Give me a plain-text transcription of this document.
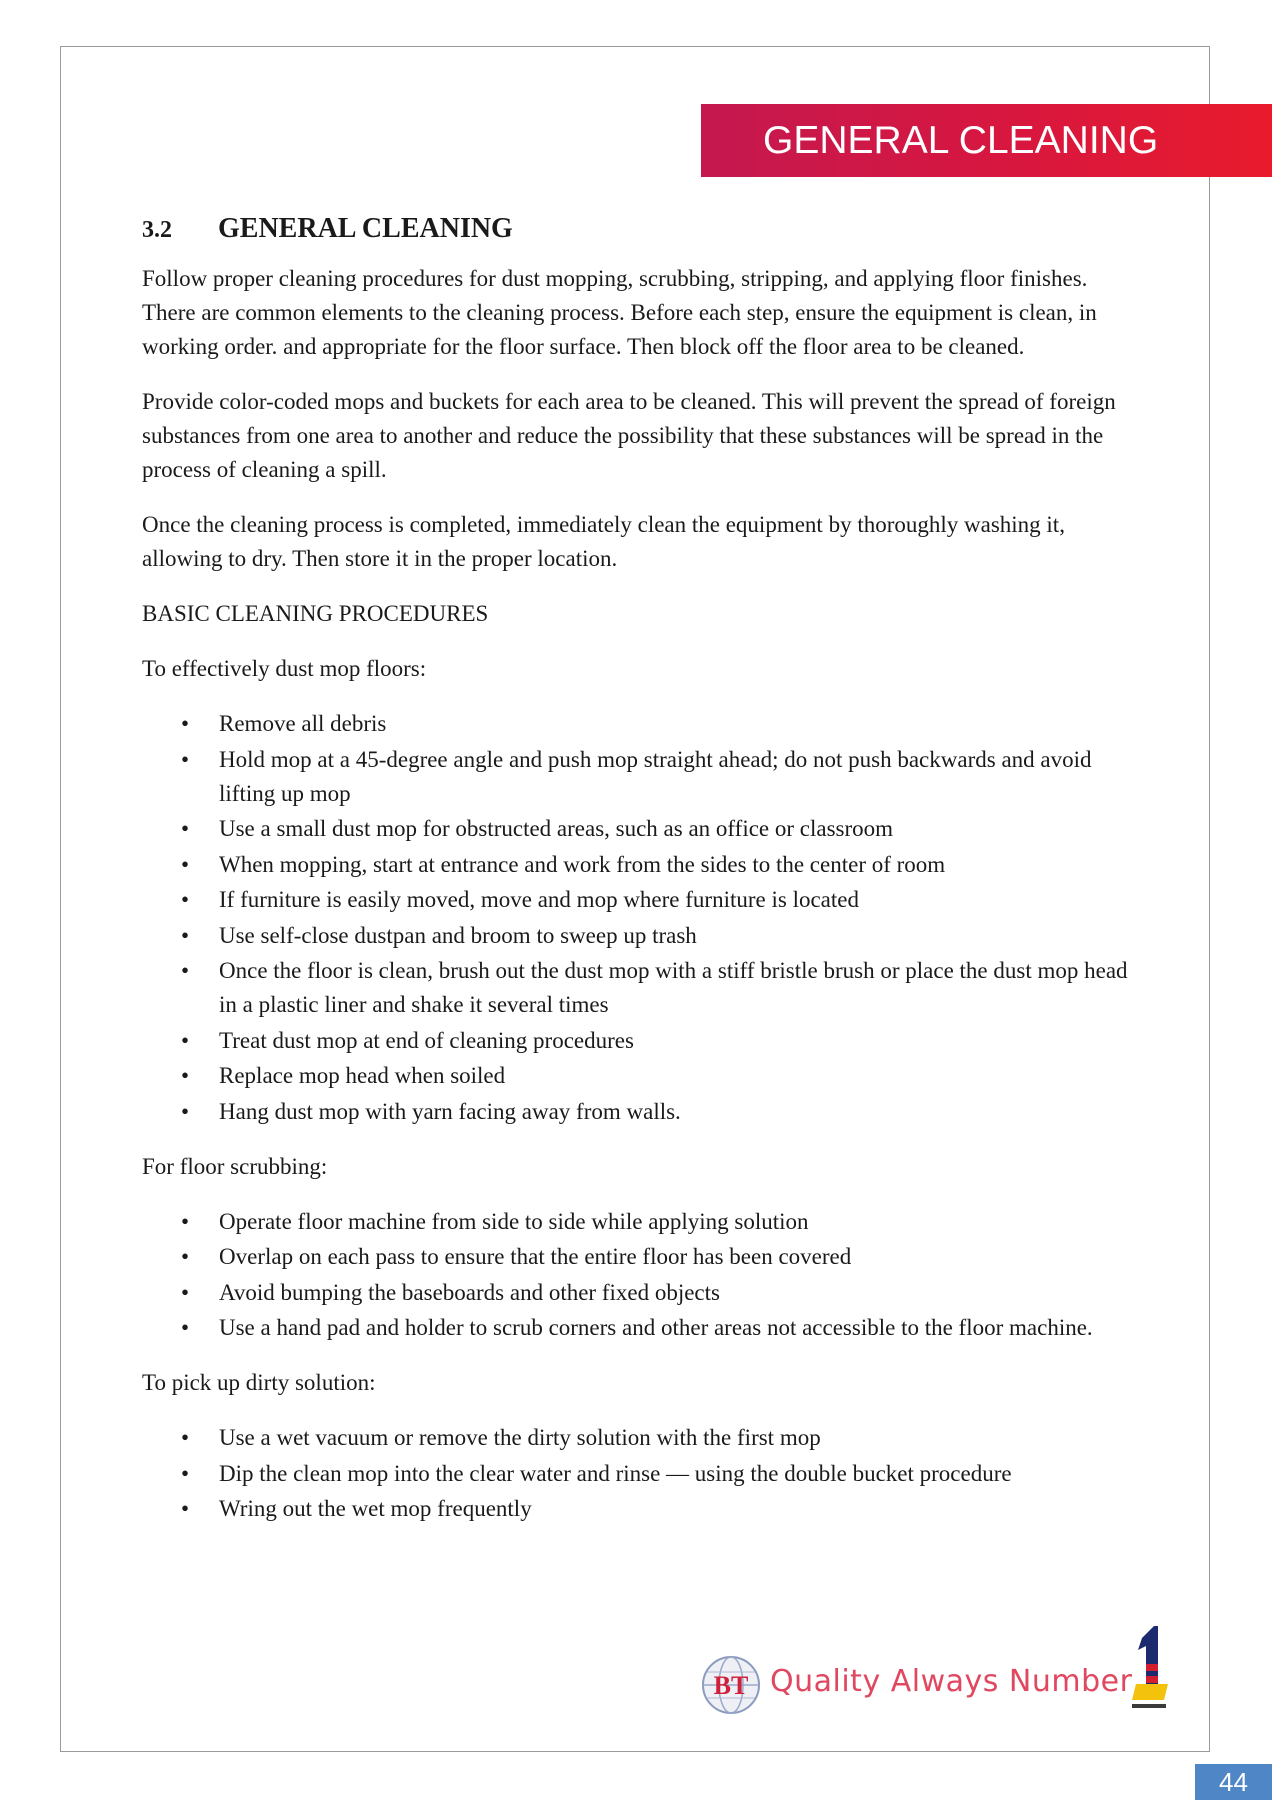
GENERAL CLEANING
3.2	GENERAL CLEANING

Follow proper cleaning procedures for dust mopping, scrubbing, stripping, and applying floor finishes. There are common elements to the cleaning process. Before each step, ensure the equipment is clean, in working order. and appropriate for the floor surface. Then block off the floor area to be cleaned.

Provide color-coded mops and buckets for each area to be cleaned. This will prevent the spread of foreign substances from one area to another and reduce the possibility that these substances will be spread in the process of cleaning a spill.

Once the cleaning process is completed, immediately clean the equipment by thoroughly washing it, allowing to dry. Then store it in the proper location.

BASIC CLEANING PROCEDURES

To effectively dust mop floors:

• Remove all debris
• Hold mop at a 45-degree angle and push mop straight ahead; do not push backwards and avoid lifting up mop
• Use a small dust mop for obstructed areas, such as an office or classroom
• When mopping, start at entrance and work from the sides to the center of room
• If furniture is easily moved, move and mop where furniture is located
• Use self-close dustpan and broom to sweep up trash
• Once the floor is clean, brush out the dust mop with a stiff bristle brush or place the dust mop head in a plastic liner and shake it several times
• Treat dust mop at end of cleaning procedures
• Replace mop head when soiled
• Hang dust mop with yarn facing away from walls.

For floor scrubbing:

• Operate floor machine from side to side while applying solution
• Overlap on each pass to ensure that the entire floor has been covered
• Avoid bumping the baseboards and other fixed objects
• Use a hand pad and holder to scrub corners and other areas not accessible to the floor machine.

To pick up dirty solution:

• Use a wet vacuum or remove the dirty solution with the first mop
• Dip the clean mop into the clear water and rinse — using the double bucket procedure
• Wring out the wet mop frequently
BT Quality Always Number
44
